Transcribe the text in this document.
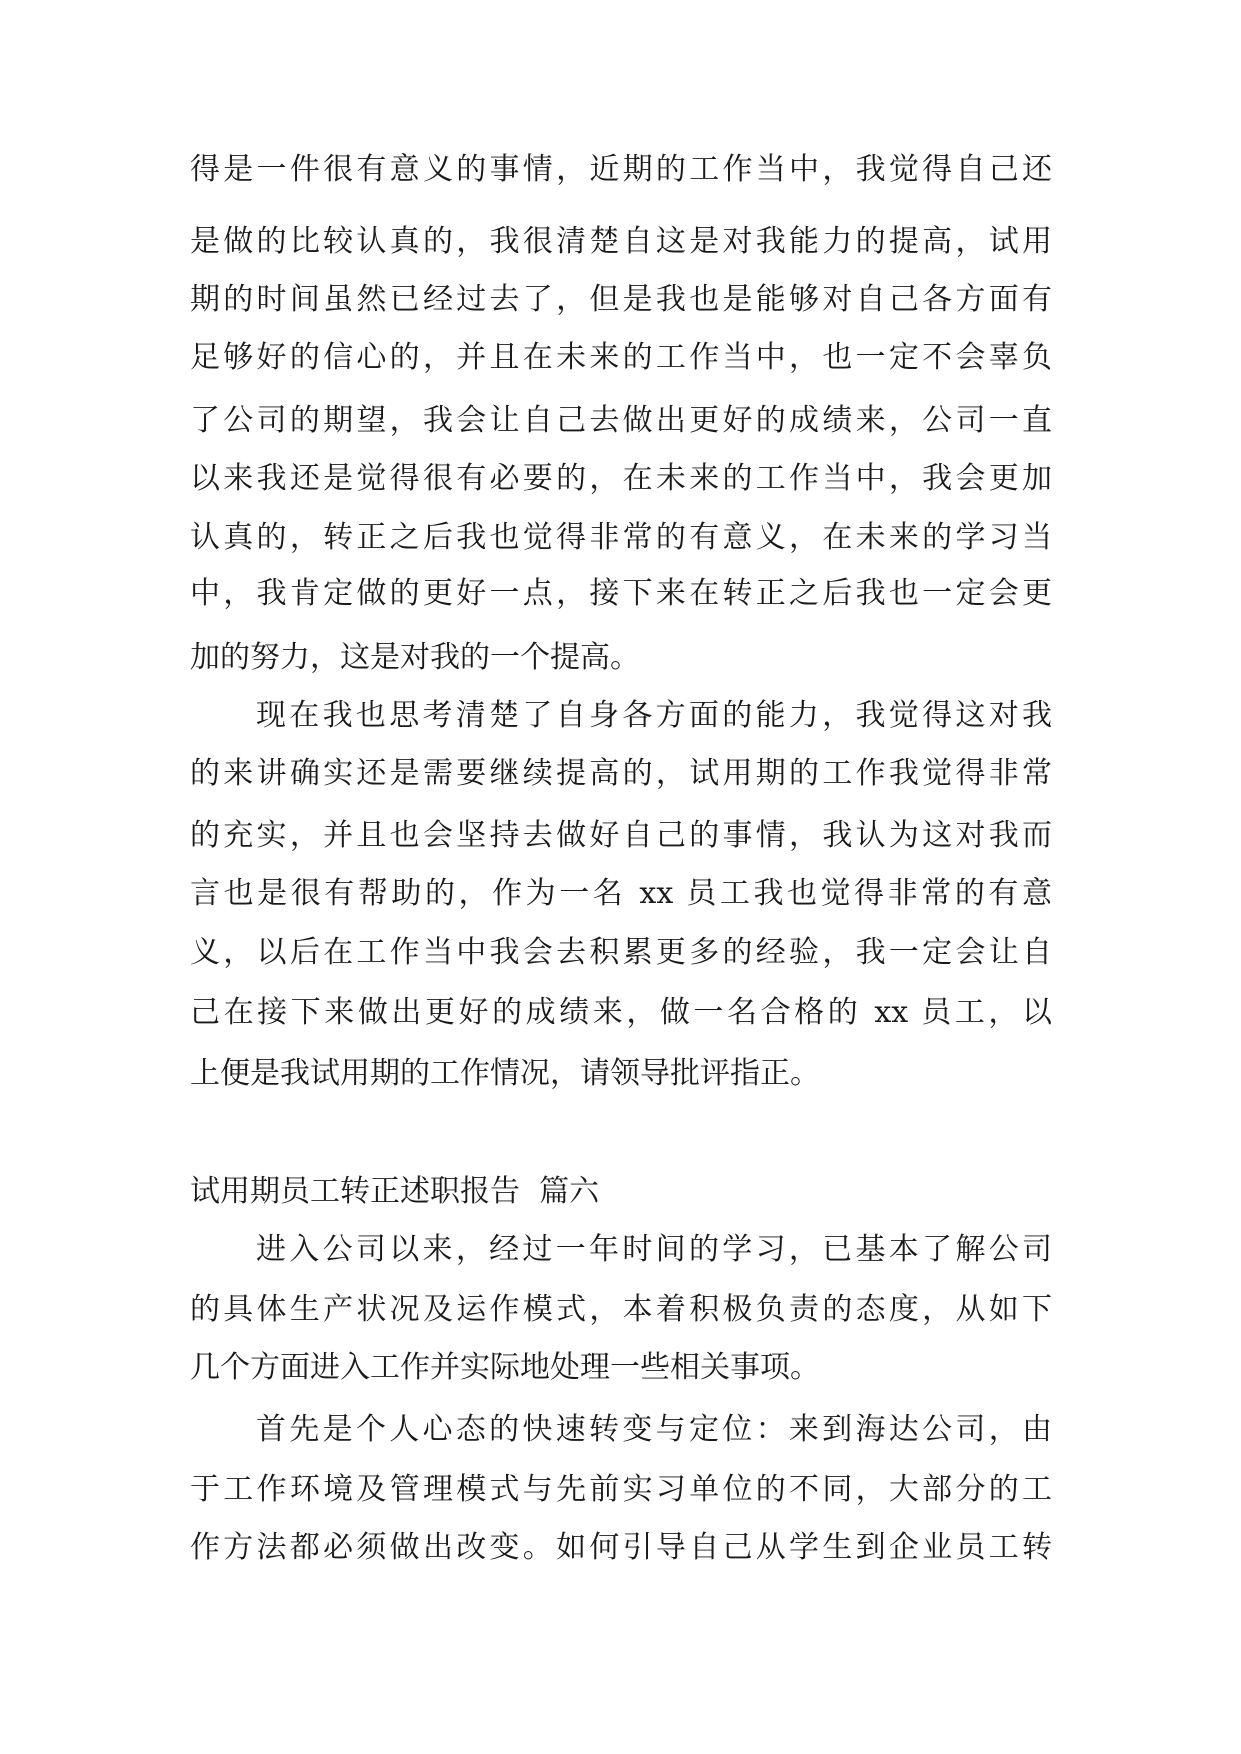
得是一件很有意义的事情，近期的工作当中，我觉得自己还
是做的比较认真的，我很清楚自这是对我能力的提高，试用
期的时间虽然已经过去了，但是我也是能够对自己各方面有
足够好的信心的，并且在未来的工作当中，也一定不会辜负
了公司的期望，我会让自己去做出更好的成绩来，公司一直
以来我还是觉得很有必要的，在未来的工作当中，我会更加
认真的，转正之后我也觉得非常的有意义，在未来的学习当
中，我肯定做的更好一点，接下来在转正之后我也一定会更
加的努力，这是对我的一个提高。
现在我也思考清楚了自身各方面的能力，我觉得这对我
的来讲确实还是需要继续提高的，试用期的工作我觉得非常
的充实，并且也会坚持去做好自己的事情，我认为这对我而
言也是很有帮助的，作为一名 xx 员工我也觉得非常的有意
义，以后在工作当中我会去积累更多的经验，我一定会让自
己在接下来做出更好的成绩来，做一名合格的 xx 员工，以
上便是我试用期的工作情况，请领导批评指正。
试用期员工转正述职报告  篇六
进入公司以来，经过一年时间的学习，已基本了解公司
的具体生产状况及运作模式，本着积极负责的态度，从如下
几个方面进入工作并实际地处理一些相关事项。
首先是个人心态的快速转变与定位：来到海达公司，由
于工作环境及管理模式与先前实习单位的不同，大部分的工
作方法都必须做出改变。如何引导自己从学生到企业员工转
